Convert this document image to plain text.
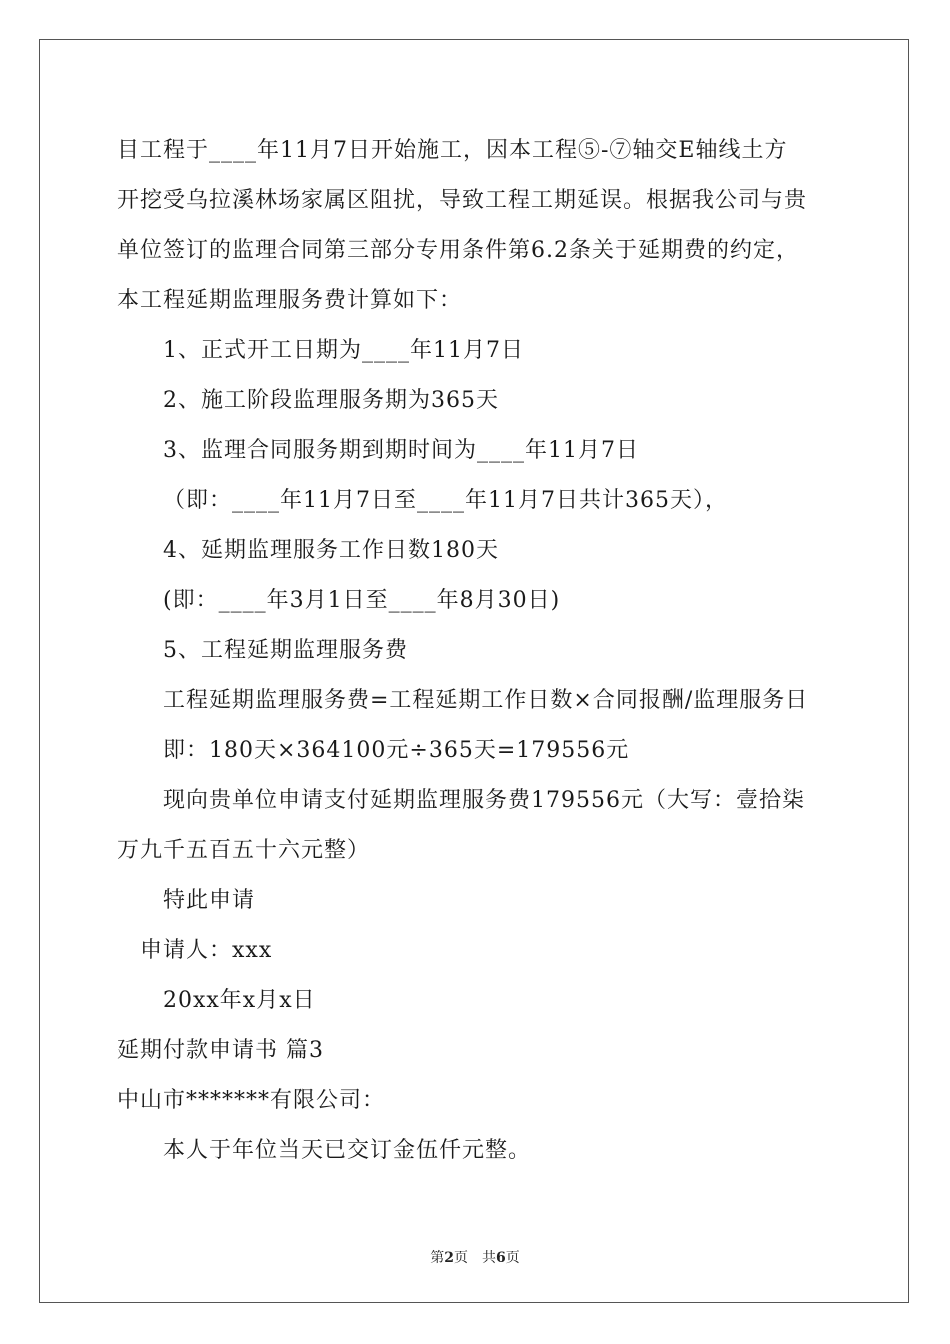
目工程于____年11月7日开始施工，因本工程⑤-⑦轴交E轴线土方
开挖受乌拉溪林场家属区阻扰，导致工程工期延误。根据我公司与贵
单位签订的监理合同第三部分专用条件第6.2条关于延期费的约定，
本工程延期监理服务费计算如下：
1、正式开工日期为____年11月7日
2、施工阶段监理服务期为365天
3、监理合同服务期到期时间为____年11月7日
（即：____年11月7日至____年11月7日共计365天），
4、延期监理服务工作日数180天
(即：____年3月1日至____年8月30日)
5、工程延期监理服务费
工程延期监理服务费=工程延期工作日数×合同报酬/监理服务日
即：180天×364100元÷365天=179556元
现向贵单位申请支付延期监理服务费179556元（大写：壹拾柒
万九千五百五十六元整）
特此申请
申请人：xxx
20xx年x月x日
延期付款申请书 篇3
中山市*******有限公司：
本人于年位当天已交订金伍仟元整。
第2页 共6页
